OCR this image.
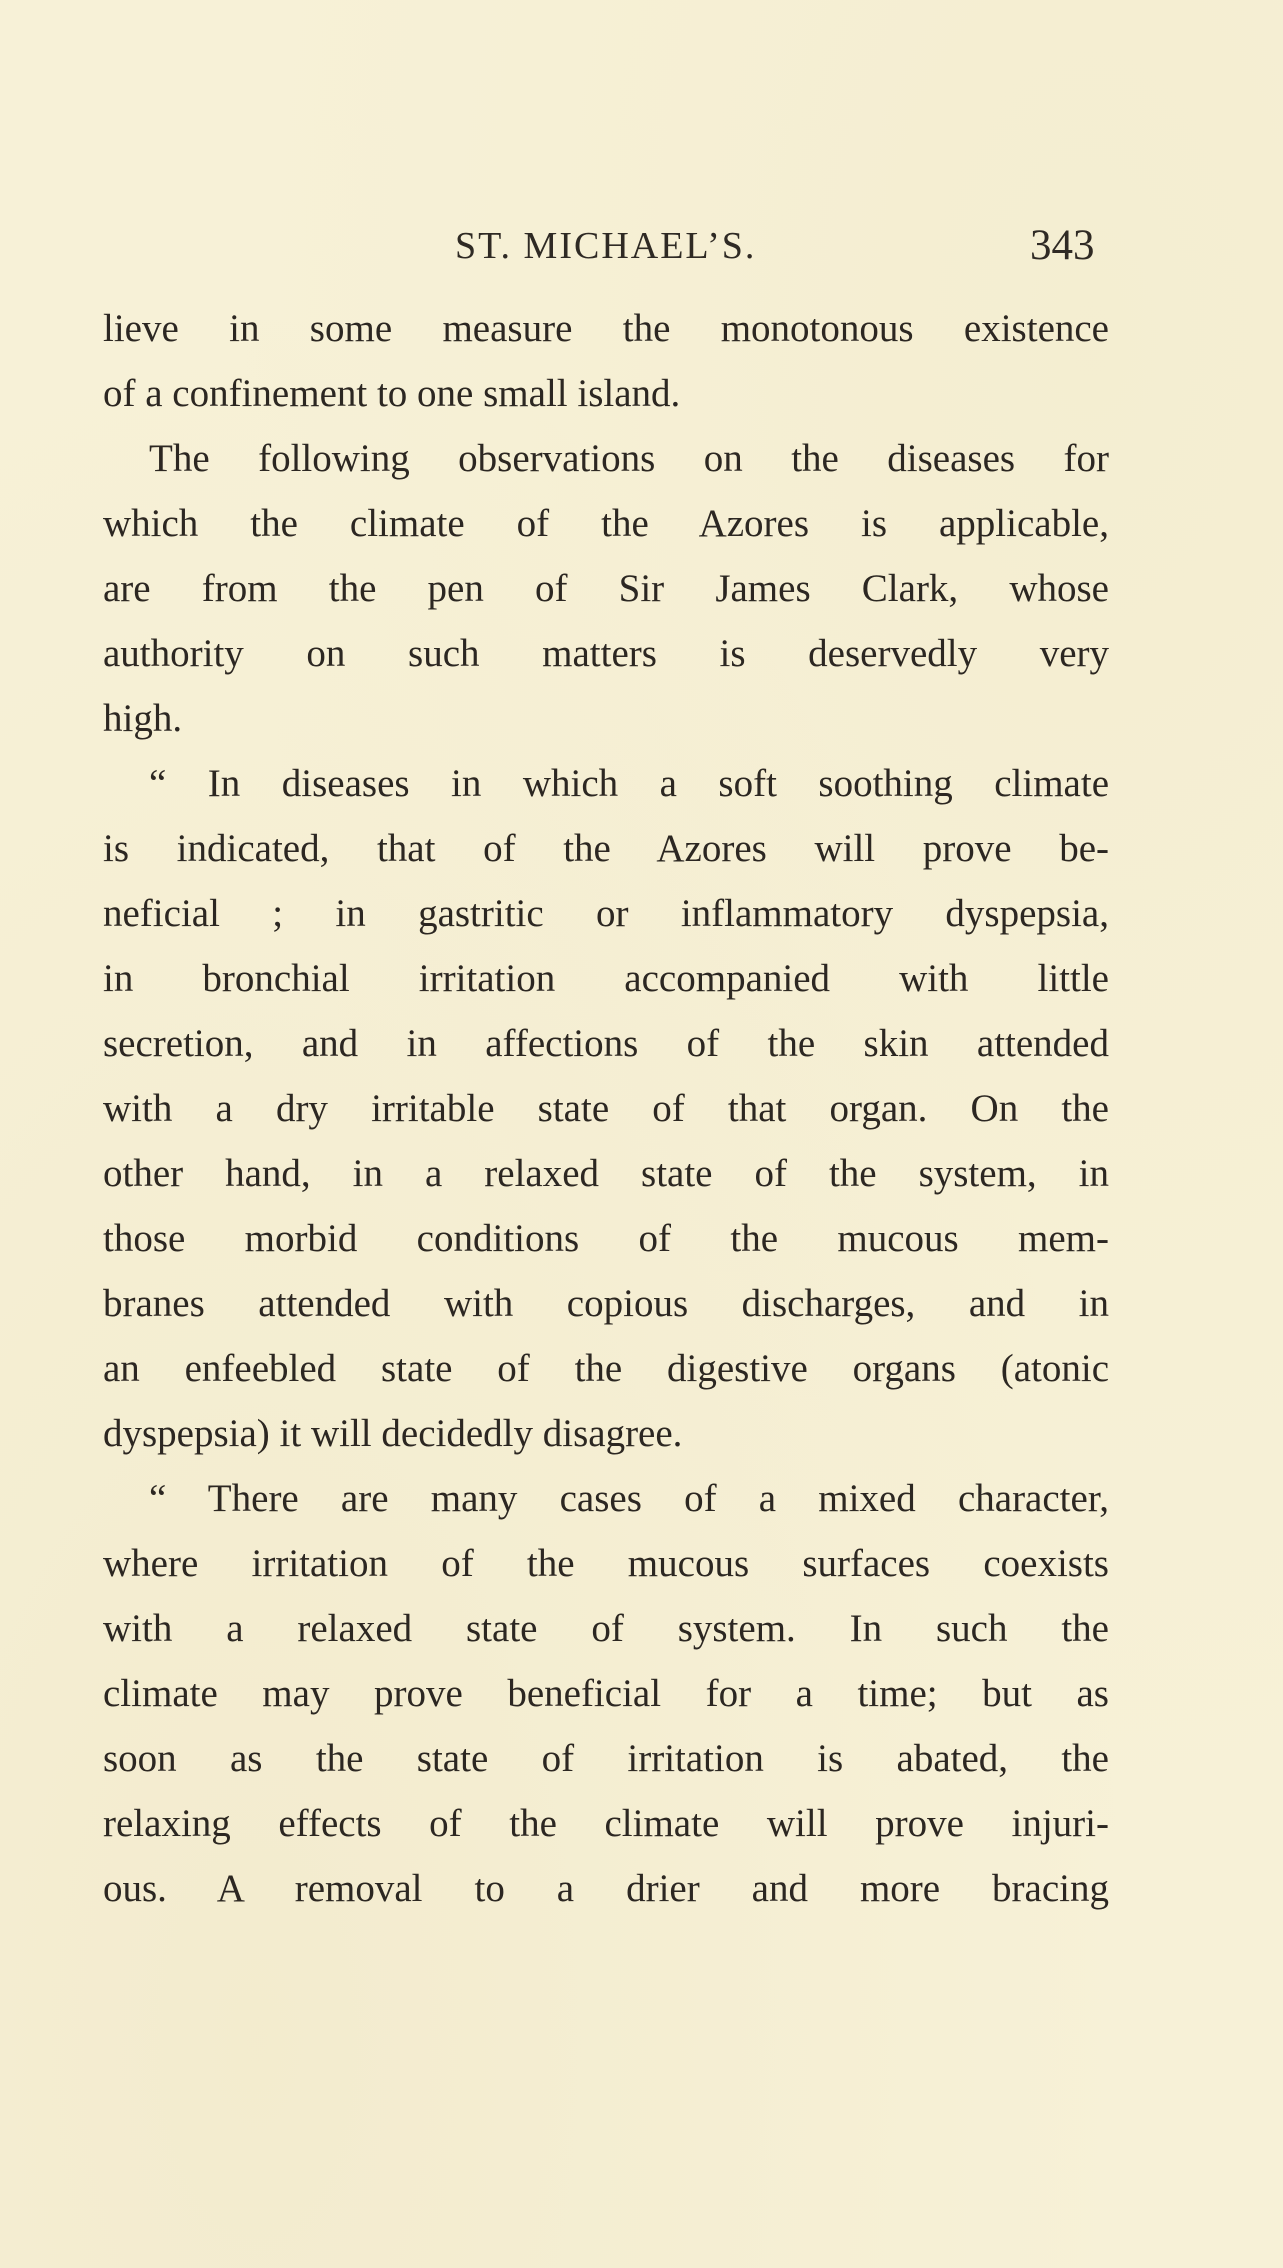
ST. MICHAEL’S.	343
lieve in some measure the monotonous existence
of a confinement to one small island.
The following observations on the diseases for
which the climate of the Azores is applicable,
are from the pen of Sir James Clark, whose
authority on such matters is deservedly very
high.
“ In diseases in which a soft soothing climate
is indicated, that of the Azores will prove be-
neficial ; in gastritic or inflammatory dyspepsia,
in bronchial irritation accompanied with little
secretion, and in affections of the skin attended
with a dry irritable state of that organ. On the
other hand, in a relaxed state of the system, in
those morbid conditions of the mucous mem-
branes attended with copious discharges, and in
an enfeebled state of the digestive organs (atonic
dyspepsia) it will decidedly disagree.
“ There are many cases of a mixed character,
where irritation of the mucous surfaces coexists
with a relaxed state of system. In such the
climate may prove beneficial for a time; but as
soon as the state of irritation is abated, the
relaxing effects of the climate will prove injuri-
ous. A removal to a drier and more bracing
